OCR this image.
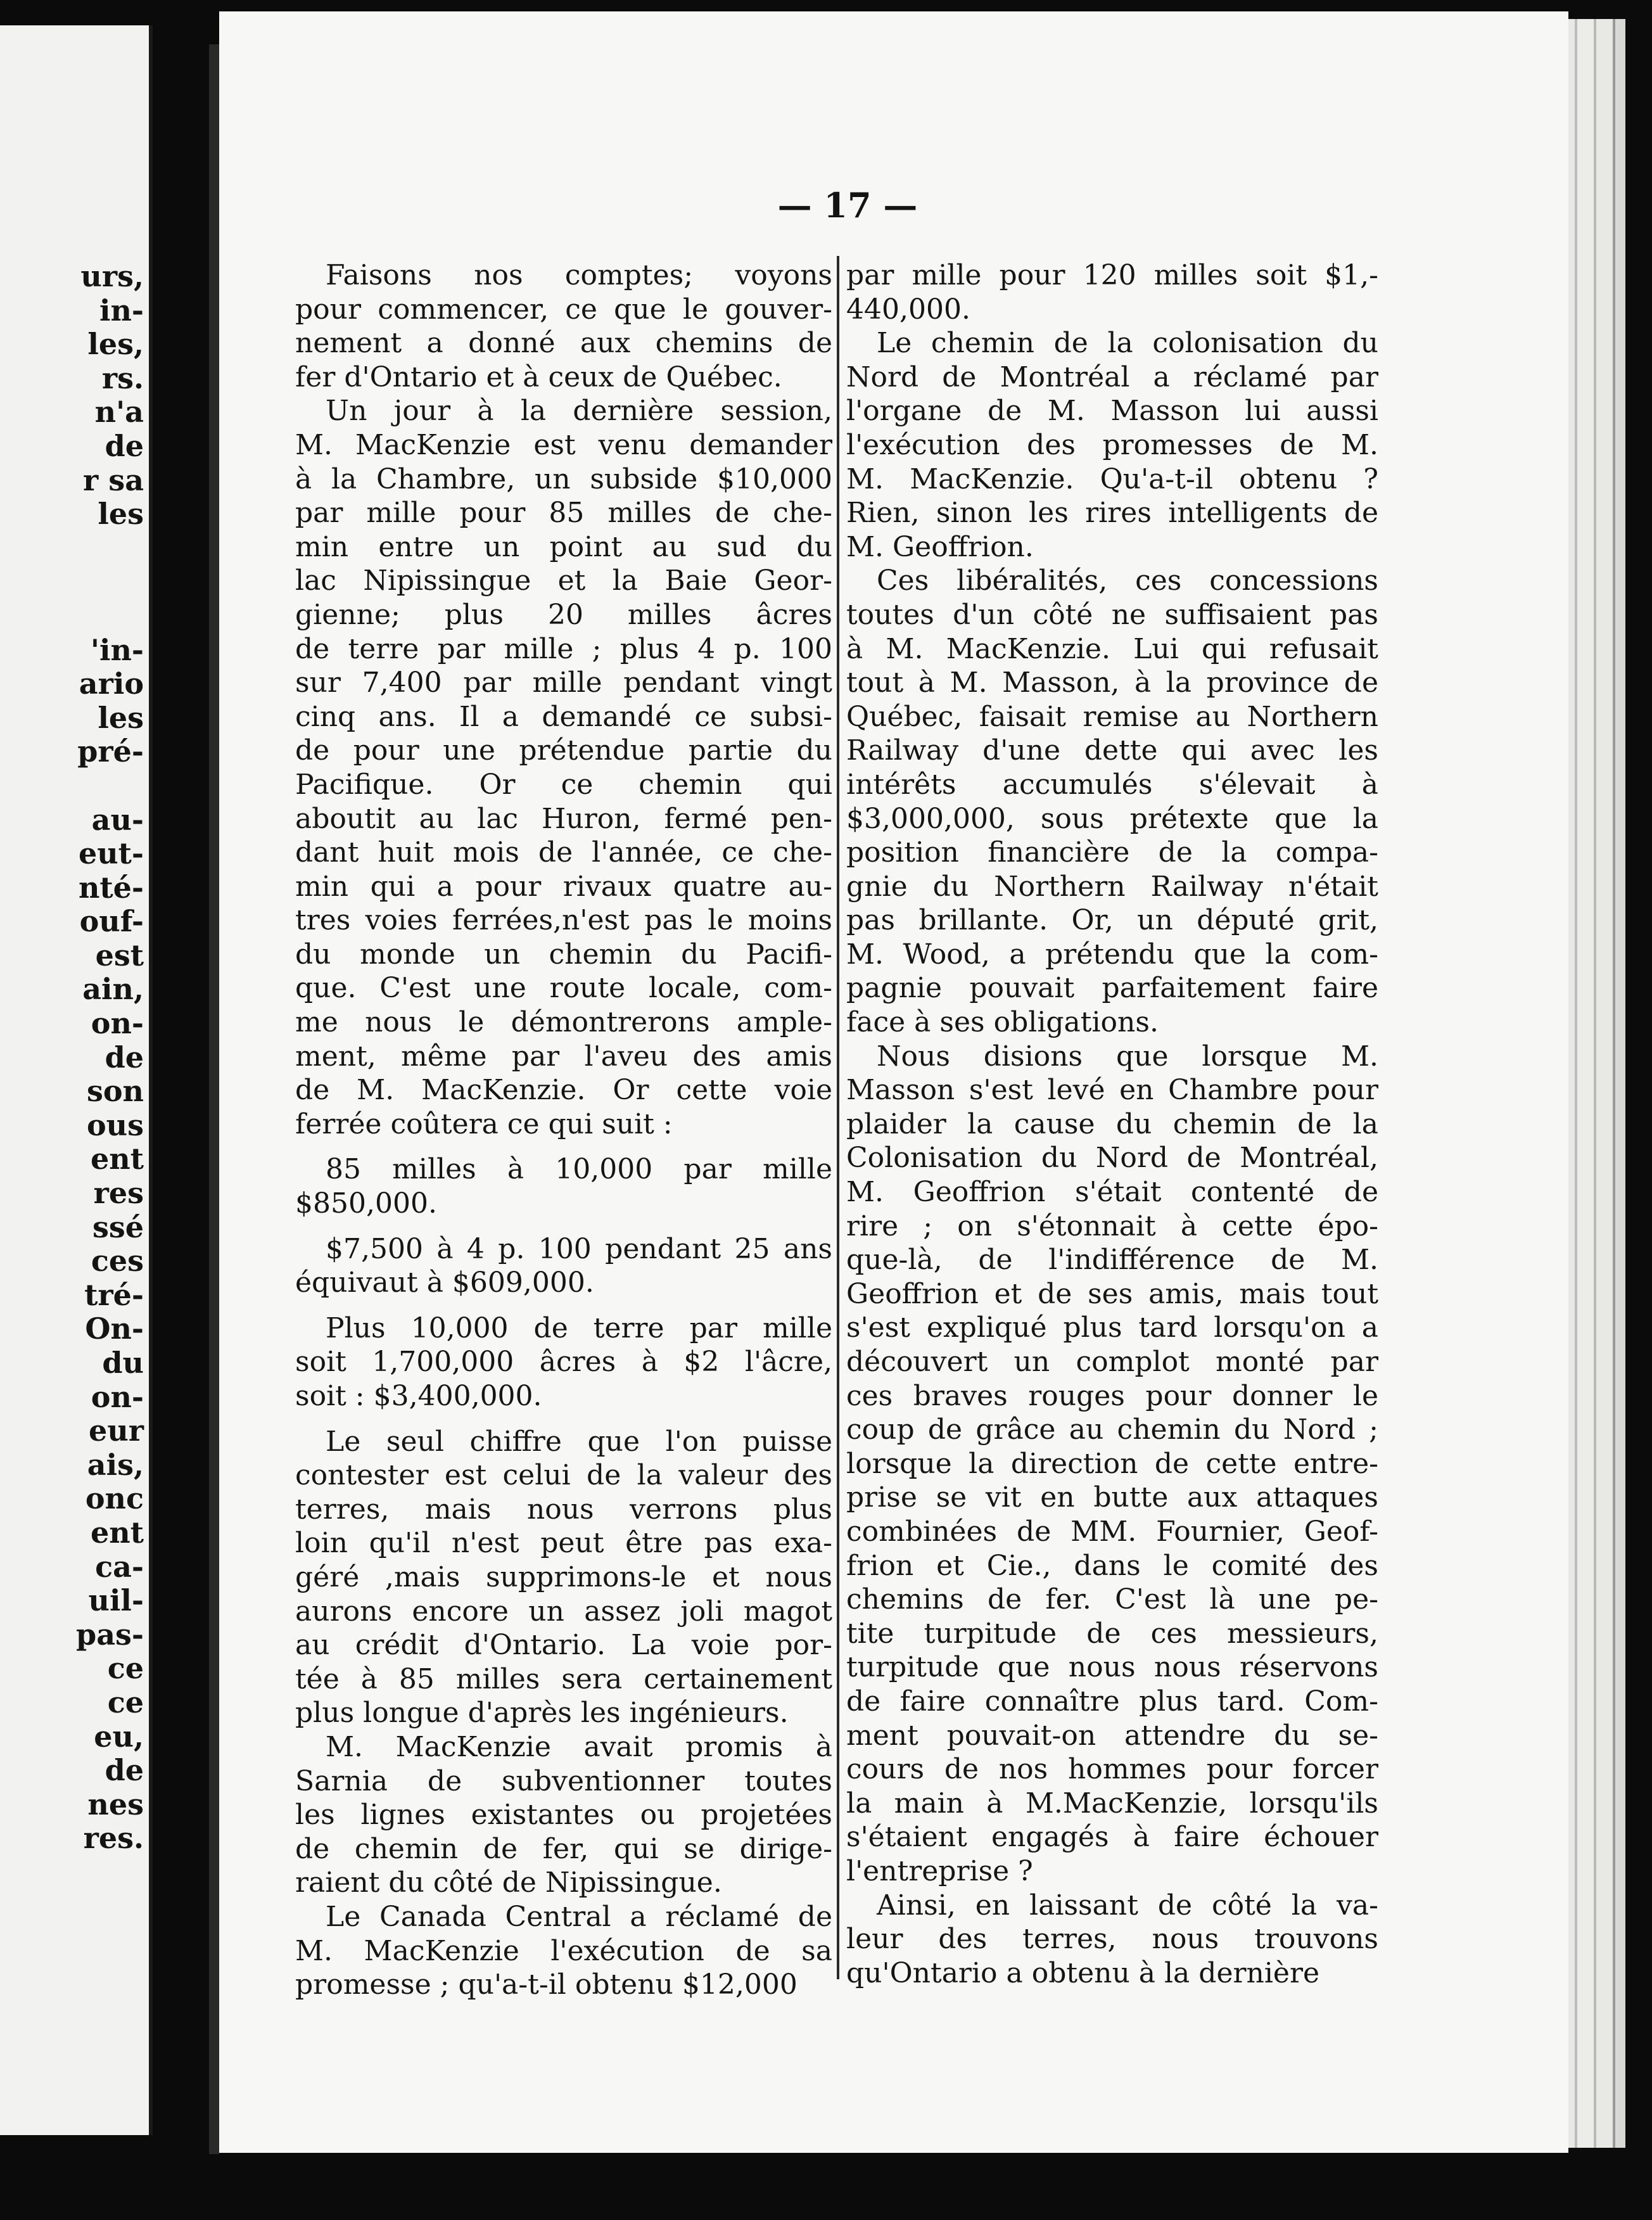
urs,
in-
les,
rs.
n'a
de
r sa
les

'in-
ario
les
pré-

au-
eut-
nté-
ouf-
est
ain,
on-
de
son
ous
ent
res
ssé
ces
tré-
On-
du
on-
eur
ais,
onc
ent
ca-
uil-
pas-
ce
ce
eu,
de
nes
res.
— 17 —
Faisons nos comptes; voyons
pour commencer, ce que le gouver-
nement a donné aux chemins de
fer d'Ontario et à ceux de Québec.
Un jour à la dernière session,
M. MacKenzie est venu demander
à la Chambre, un subside $10,000
par mille pour 85 milles de che-
min entre un point au sud du
lac Nipissingue et la Baie Geor-
gienne; plus 20 milles âcres
de terre par mille ; plus 4 p. 100
sur 7,400 par mille pendant vingt
cinq ans. Il a demandé ce subsi-
de pour une prétendue partie du
Pacifique. Or ce chemin qui
aboutit au lac Huron, fermé pen-
dant huit mois de l'année, ce che-
min qui a pour rivaux quatre au-
tres voies ferrées,n'est pas le moins
du monde un chemin du Pacifi-
que. C'est une route locale, com-
me nous le démontrerons ample-
ment, même par l'aveu des amis
de M. MacKenzie. Or cette voie
ferrée coûtera ce qui suit :
85 milles à 10,000 par mille
$850,000.
$7,500 à 4 p. 100 pendant 25 ans
équivaut à $609,000.
Plus 10,000 de terre par mille
soit 1,700,000 âcres à $2 l'âcre,
soit : $3,400,000.
Le seul chiffre que l'on puisse
contester est celui de la valeur des
terres, mais nous verrons plus
loin qu'il n'est peut être pas exa-
géré ,mais supprimons-le et nous
aurons encore un assez joli magot
au crédit d'Ontario. La voie por-
tée à 85 milles sera certainement
plus longue d'après les ingénieurs.
M. MacKenzie avait promis à
Sarnia de subventionner toutes
les lignes existantes ou projetées
de chemin de fer, qui se dirige-
raient du côté de Nipissingue.
Le Canada Central a réclamé de
M. MacKenzie l'exécution de sa
promesse ; qu'a-t-il obtenu $12,000
par mille pour 120 milles soit $1,-
440,000.
Le chemin de la colonisation du
Nord de Montréal a réclamé par
l'organe de M. Masson lui aussi
l'exécution des promesses de M.
M. MacKenzie. Qu'a-t-il obtenu ?
Rien, sinon les rires intelligents de
M. Geoffrion.
Ces libéralités, ces concessions
toutes d'un côté ne suffisaient pas
à M. MacKenzie. Lui qui refusait
tout à M. Masson, à la province de
Québec, faisait remise au Northern
Railway d'une dette qui avec les
intérêts accumulés s'élevait à
$3,000,000, sous prétexte que la
position financière de la compa-
gnie du Northern Railway n'était
pas brillante. Or, un député grit,
M. Wood, a prétendu que la com-
pagnie pouvait parfaitement faire
face à ses obligations.
Nous disions que lorsque M.
Masson s'est levé en Chambre pour
plaider la cause du chemin de la
Colonisation du Nord de Montréal,
M. Geoffrion s'était contenté de
rire ; on s'étonnait à cette épo-
que-là, de l'indifférence de M.
Geoffrion et de ses amis, mais tout
s'est expliqué plus tard lorsqu'on a
découvert un complot monté par
ces braves rouges pour donner le
coup de grâce au chemin du Nord ;
lorsque la direction de cette entre-
prise se vit en butte aux attaques
combinées de MM. Fournier, Geof-
frion et Cie., dans le comité des
chemins de fer. C'est là une pe-
tite turpitude de ces messieurs,
turpitude que nous nous réservons
de faire connaître plus tard. Com-
ment pouvait-on attendre du se-
cours de nos hommes pour forcer
la main à M.MacKenzie, lorsqu'ils
s'étaient engagés à faire échouer
l'entreprise ?
Ainsi, en laissant de côté la va-
leur des terres, nous trouvons
qu'Ontario a obtenu à la dernière
